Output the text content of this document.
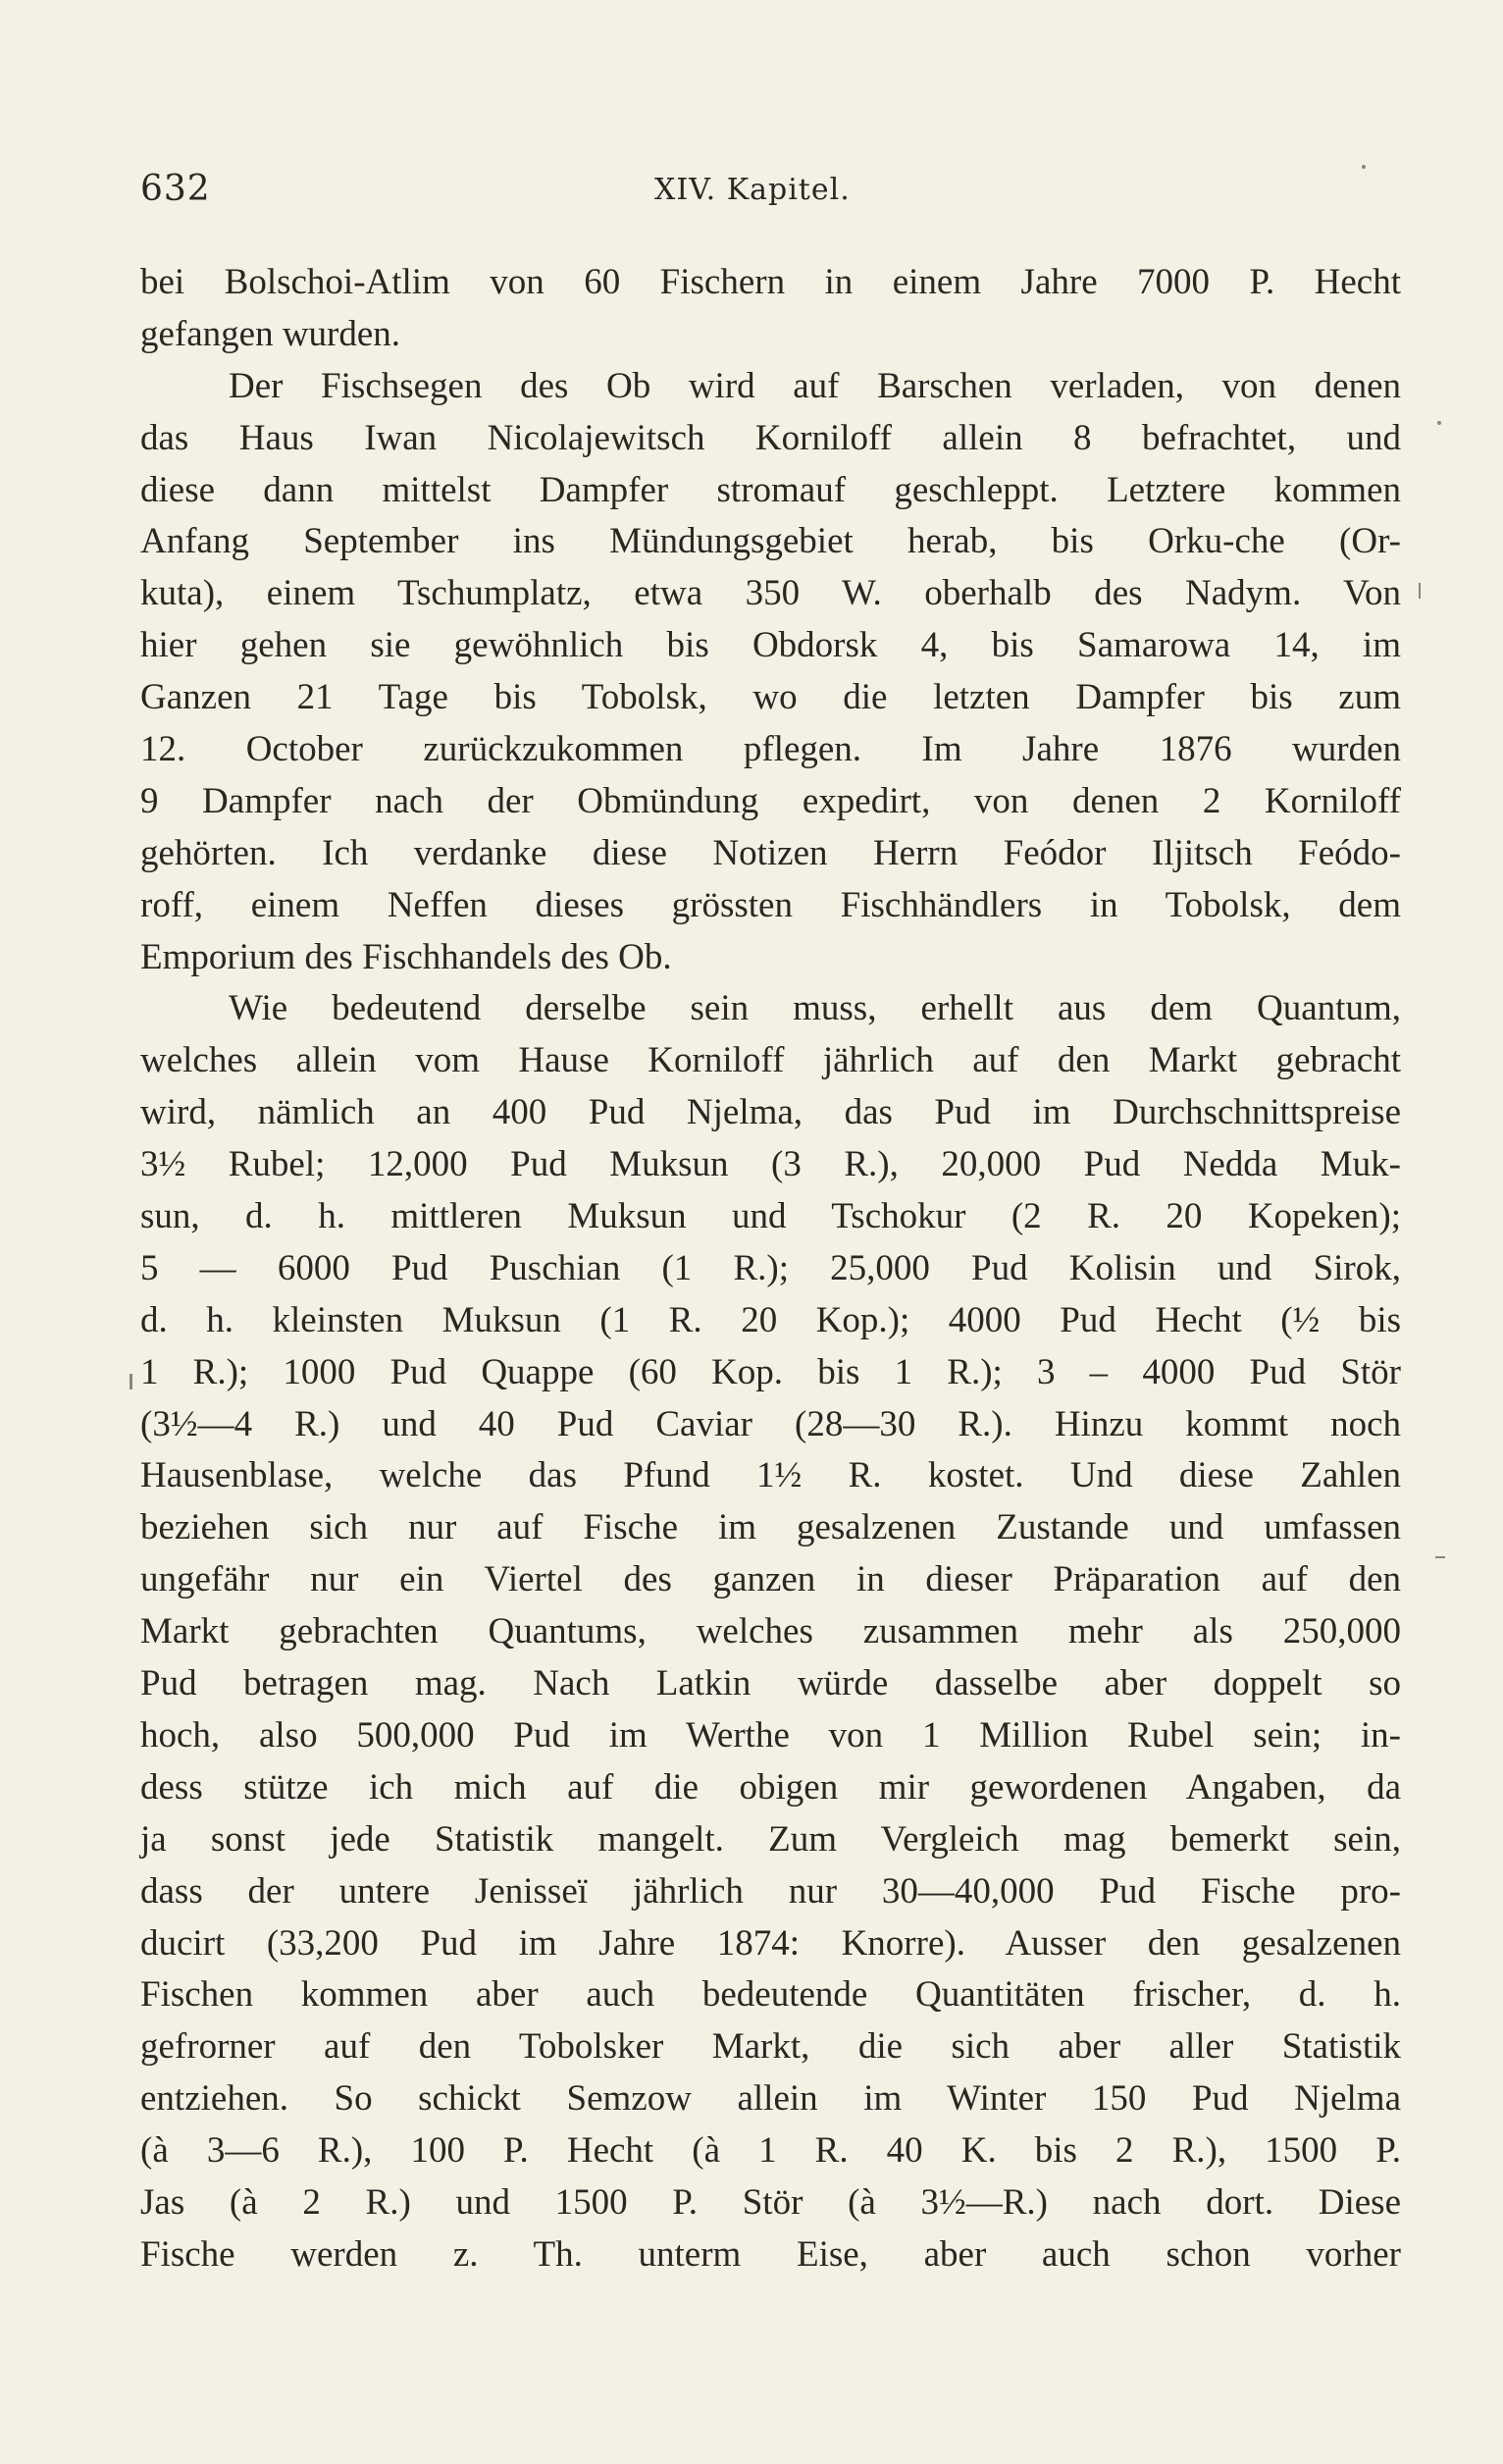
632	XIV. Kapitel.
bei Bolschoi-Atlim von 60 Fischern in einem Jahre 7000 P. Hecht
gefangen wurden.
Der Fischsegen des Ob wird auf Barschen verladen, von denen
das Haus Iwan Nicolajewitsch Korniloff allein 8 befrachtet, und
diese dann mittelst Dampfer stromauf geschleppt. Letztere kommen
Anfang September ins Mündungsgebiet herab, bis Orku-che (Or-
kuta), einem Tschumplatz, etwa 350 W. oberhalb des Nadym. Von
hier gehen sie gewöhnlich bis Obdorsk 4, bis Samarowa 14, im
Ganzen 21 Tage bis Tobolsk, wo die letzten Dampfer bis zum
12. October zurückzukommen pflegen. Im Jahre 1876 wurden
9 Dampfer nach der Obmündung expedirt, von denen 2 Korniloff
gehörten. Ich verdanke diese Notizen Herrn Feódor Iljitsch Feódo-
roff, einem Neffen dieses grössten Fischhändlers in Tobolsk, dem
Emporium des Fischhandels des Ob.
Wie bedeutend derselbe sein muss, erhellt aus dem Quantum,
welches allein vom Hause Korniloff jährlich auf den Markt gebracht
wird, nämlich an 400 Pud Njelma, das Pud im Durchschnittspreise
3½ Rubel; 12,000 Pud Muksun (3 R.), 20,000 Pud Nedda Muk-
sun, d. h. mittleren Muksun und Tschokur (2 R. 20 Kopeken);
5 — 6000 Pud Puschian (1 R.); 25,000 Pud Kolisin und Sirok,
d. h. kleinsten Muksun (1 R. 20 Kop.); 4000 Pud Hecht (½ bis
1 R.); 1000 Pud Quappe (60 Kop. bis 1 R.); 3 – 4000 Pud Stör
(3½—4 R.) und 40 Pud Caviar (28—30 R.). Hinzu kommt noch
Hausenblase, welche das Pfund 1½ R. kostet. Und diese Zahlen
beziehen sich nur auf Fische im gesalzenen Zustande und umfassen
ungefähr nur ein Viertel des ganzen in dieser Präparation auf den
Markt gebrachten Quantums, welches zusammen mehr als 250,000
Pud betragen mag. Nach Latkin würde dasselbe aber doppelt so
hoch, also 500,000 Pud im Werthe von 1 Million Rubel sein; in-
dess stütze ich mich auf die obigen mir gewordenen Angaben, da
ja sonst jede Statistik mangelt. Zum Vergleich mag bemerkt sein,
dass der untere Jenisseï jährlich nur 30—40,000 Pud Fische pro-
ducirt (33,200 Pud im Jahre 1874: Knorre). Ausser den gesalzenen
Fischen kommen aber auch bedeutende Quantitäten frischer, d. h.
gefrorner auf den Tobolsker Markt, die sich aber aller Statistik
entziehen. So schickt Semzow allein im Winter 150 Pud Njelma
(à 3—6 R.), 100 P. Hecht (à 1 R. 40 K. bis 2 R.), 1500 P.
Jas (à 2 R.) und 1500 P. Stör (à 3½—R.) nach dort. Diese
Fische werden z. Th. unterm Eise, aber auch schon vorher
